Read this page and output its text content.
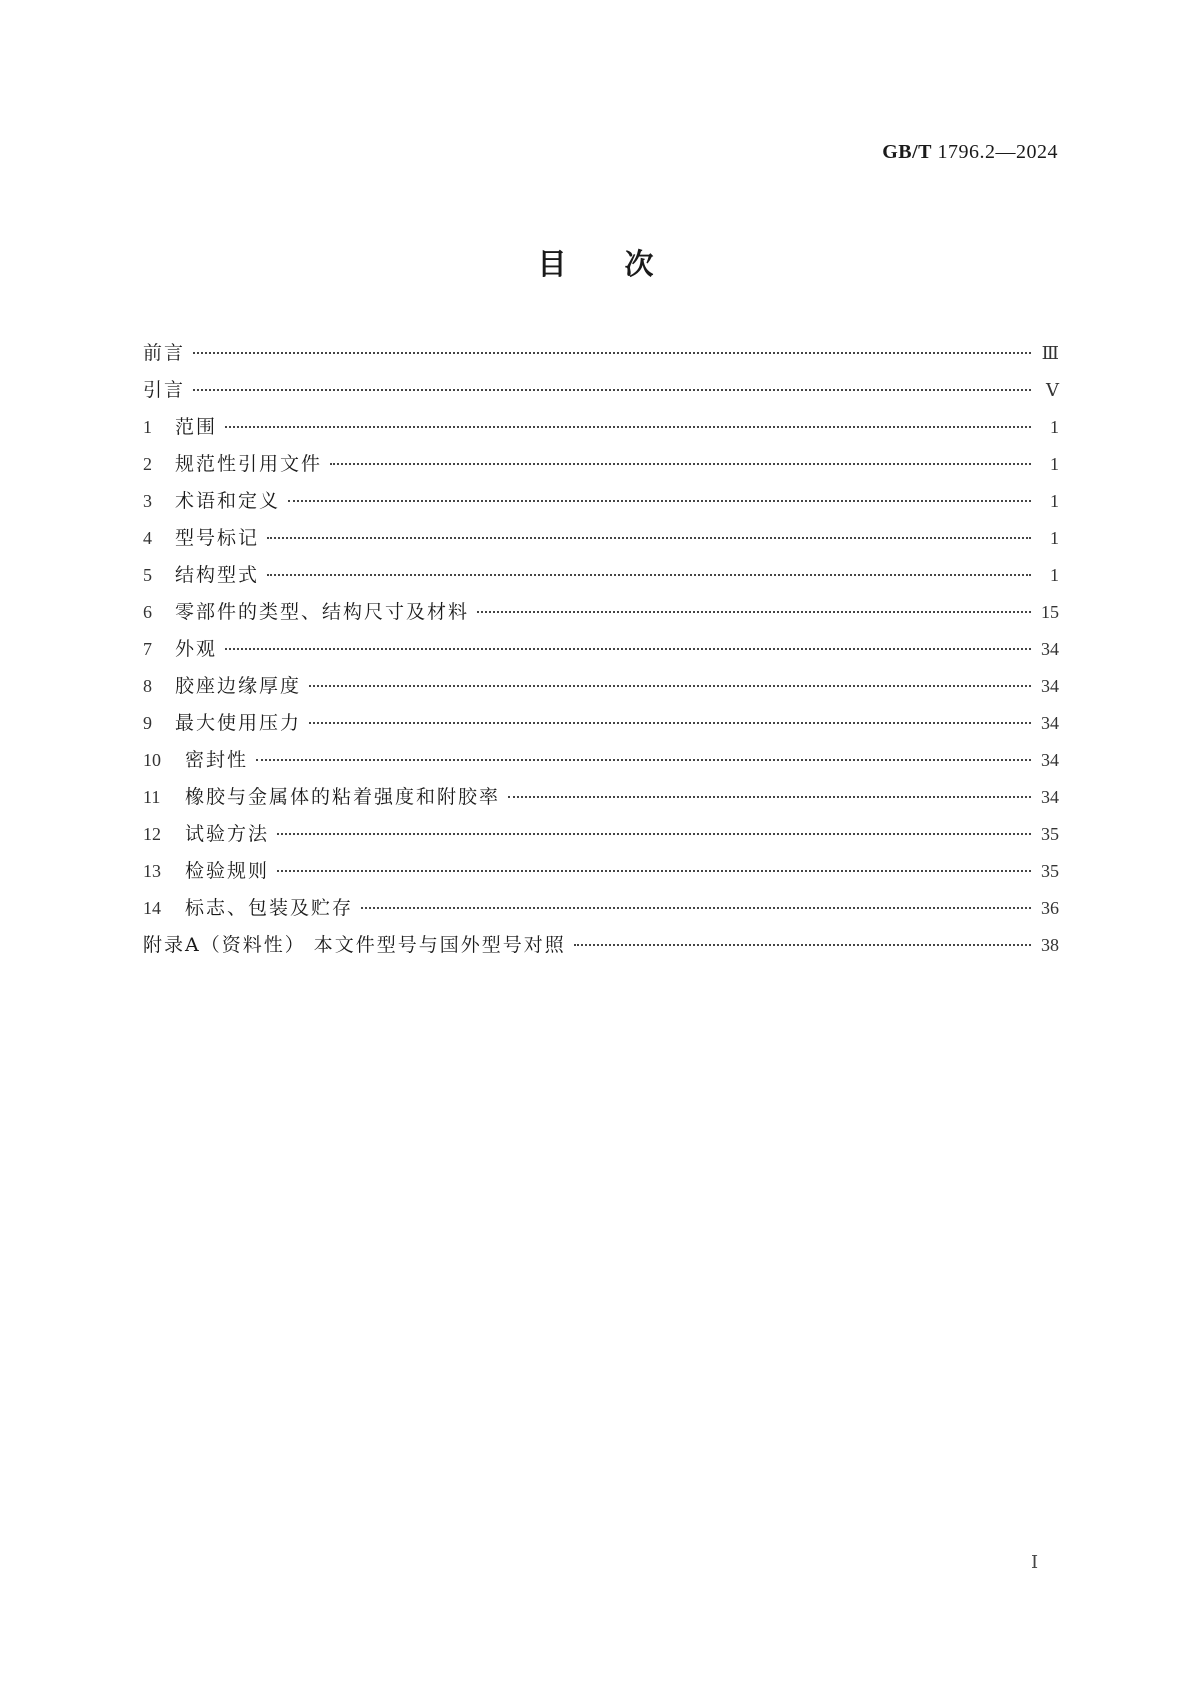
GB/T 1796.2—2024
目次
前言	Ⅲ
引言	Ⅴ
1	范围	1
2	规范性引用文件	1
3	术语和定义	1
4	型号标记	1
5	结构型式	1
6	零部件的类型、结构尺寸及材料	15
7	外观	34
8	胶座边缘厚度	34
9	最大使用压力	34
10	密封性	34
11	橡胶与金属体的粘着强度和附胶率	34
12	试验方法	35
13	检验规则	35
14	标志、包装及贮存	36
附录A（资料性） 本文件型号与国外型号对照	38
Ⅰ
